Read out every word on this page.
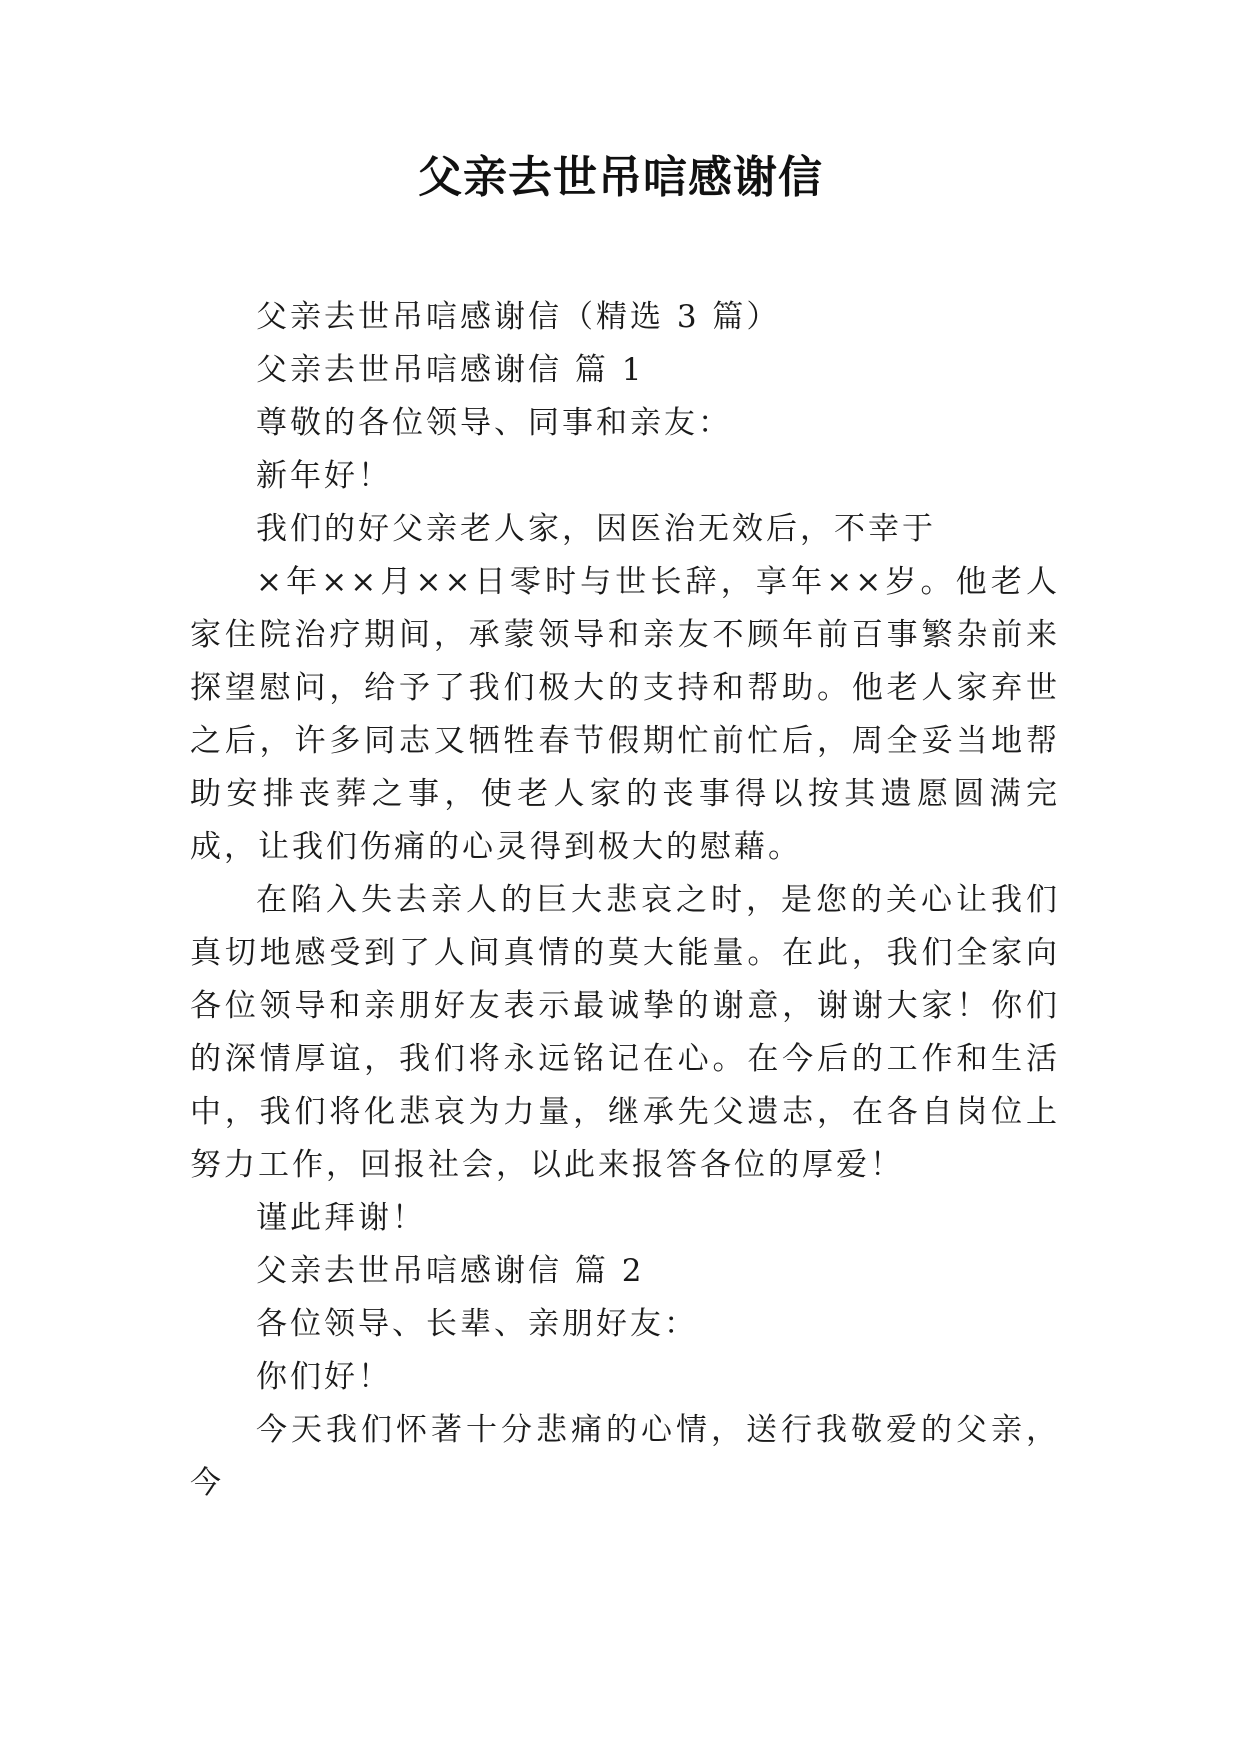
父亲去世吊唁感谢信

父亲去世吊唁感谢信（精选 3 篇）

父亲去世吊唁感谢信 篇 1

尊敬的各位领导、同事和亲友：

新年好！

我们的好父亲老人家，因医治无效后，不幸于

×年××月××日零时与世长辞，享年××岁。他老人家住院治疗期间，承蒙领导和亲友不顾年前百事繁杂前来探望慰问，给予了我们极大的支持和帮助。他老人家弃世之后，许多同志又牺牲春节假期忙前忙后，周全妥当地帮助安排丧葬之事，使老人家的丧事得以按其遗愿圆满完成，让我们伤痛的心灵得到极大的慰藉。

在陷入失去亲人的巨大悲哀之时，是您的关心让我们真切地感受到了人间真情的莫大能量。在此，我们全家向各位领导和亲朋好友表示最诚挚的谢意，谢谢大家！你们的深情厚谊，我们将永远铭记在心。在今后的工作和生活中，我们将化悲哀为力量，继承先父遗志，在各自岗位上努力工作，回报社会，以此来报答各位的厚爱！

谨此拜谢！

父亲去世吊唁感谢信 篇 2

各位领导、长辈、亲朋好友：

你们好！

今天我们怀著十分悲痛的心情，送行我敬爱的父亲，今
